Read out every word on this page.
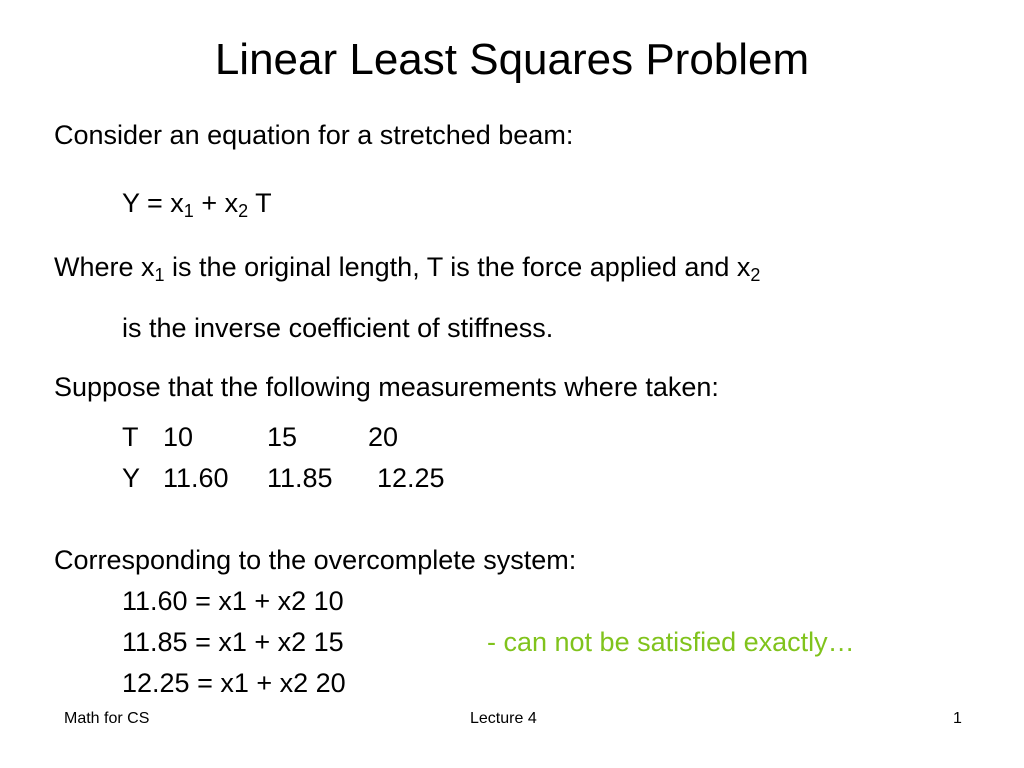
Linear Least Squares Problem
Consider an equation for a stretched beam:
$Y = x_1 + x_2$ T
Where $x_1$ is the original length, T is the force applied and $x_2$
is the inverse coefficient of stiffness.
Suppose that the following measurements where taken:
T 10	15	20
Y 11.60 11.85 12.25
Corresponding to the overcomplete system:
11.60 = x1 + x2 10
11.85 = x1 + x2 15	- can not be satisfied exactly…
12.25 = x1 + x2 20
Math for CS	Lecture 4	1
